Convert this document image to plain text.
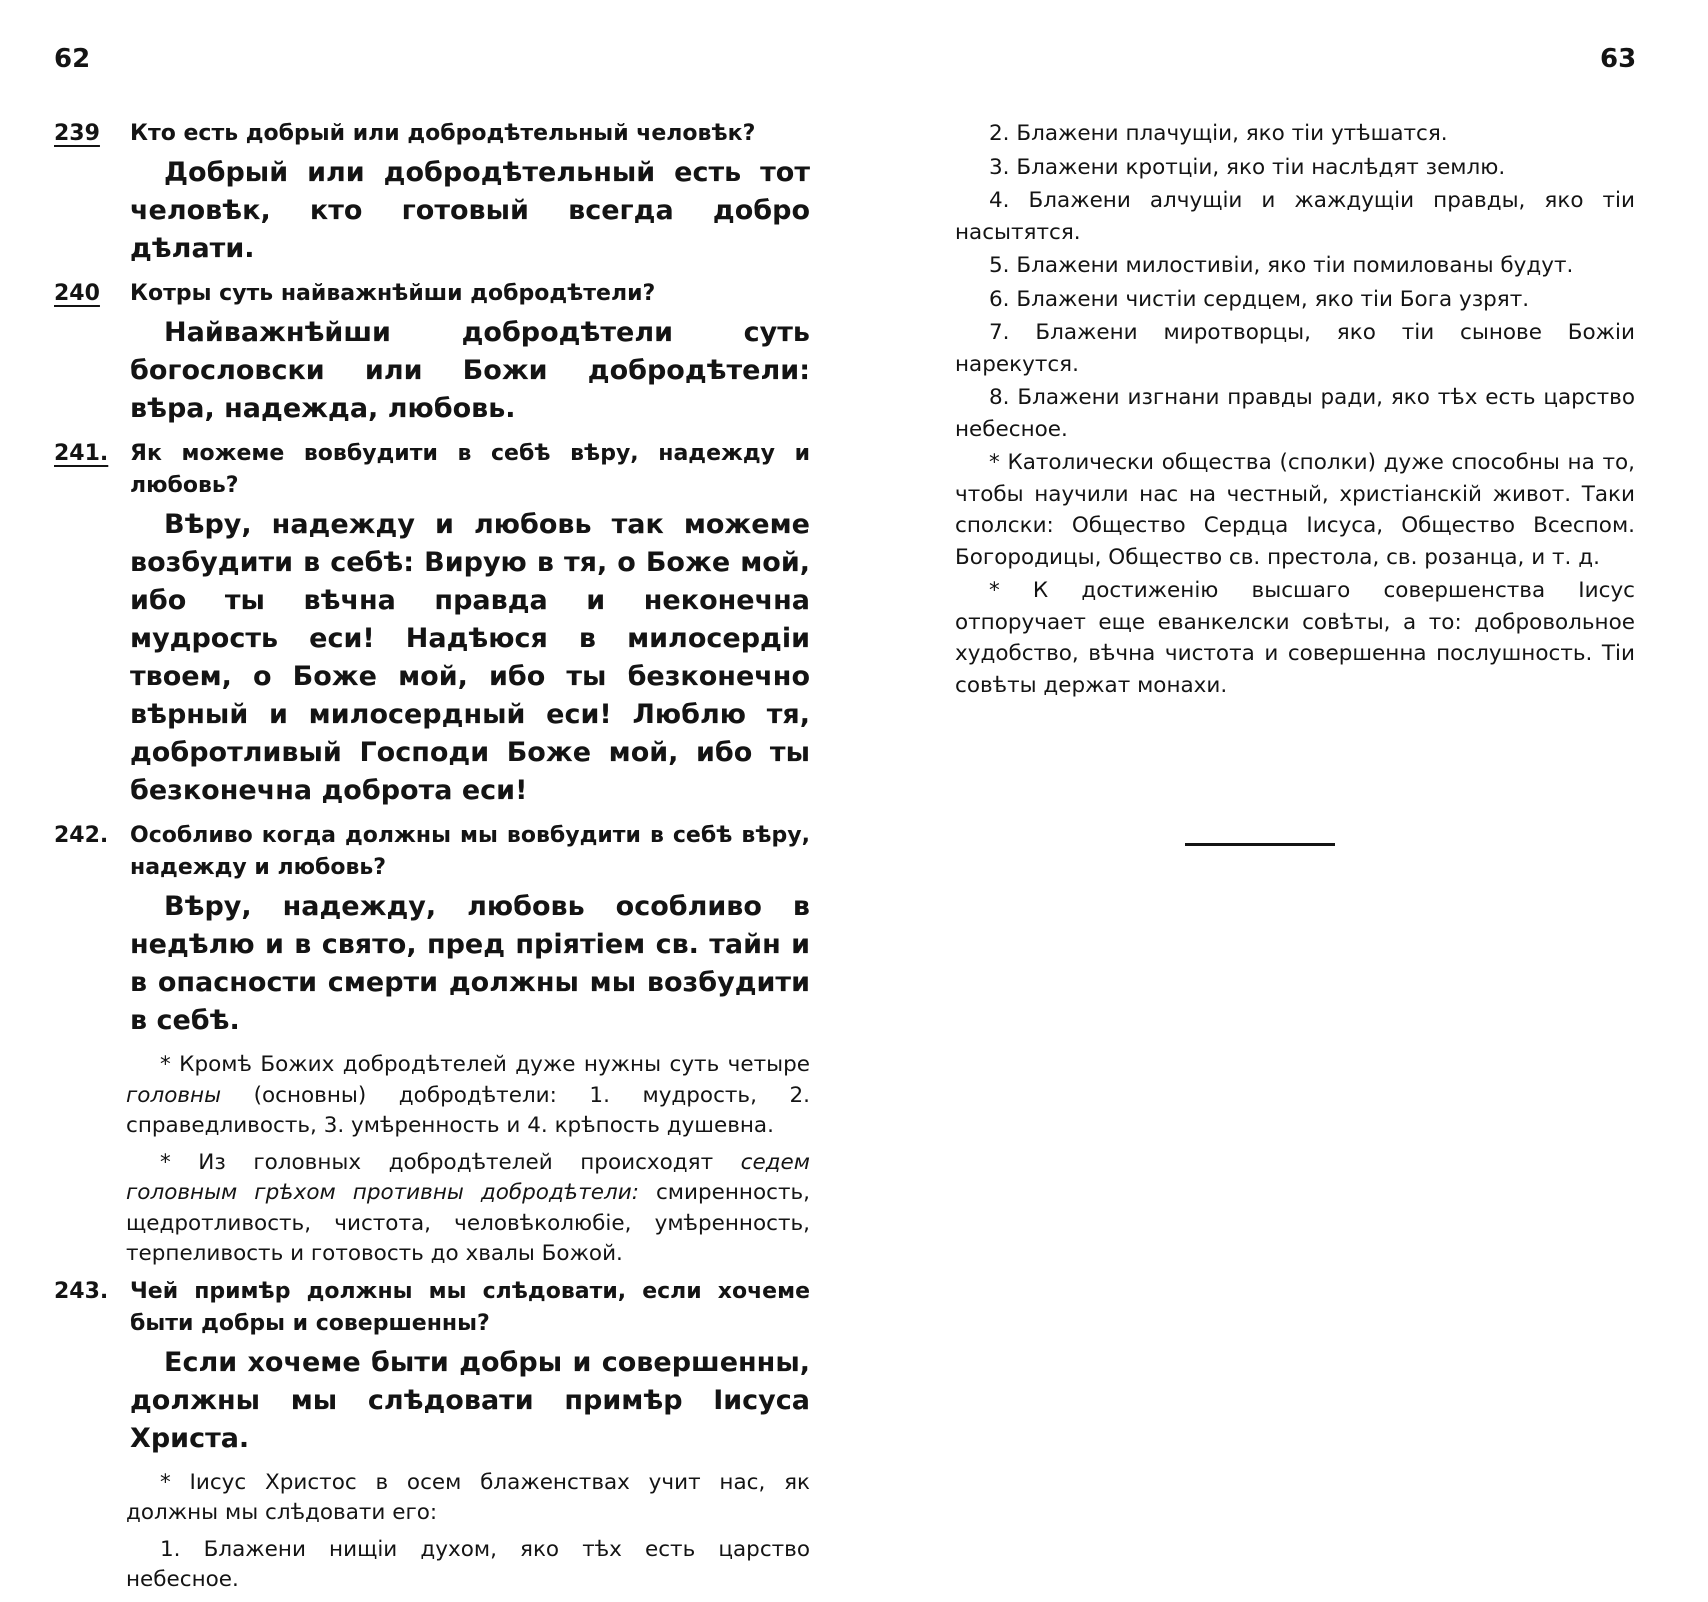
62	63

239 Кто есть добрый или добродѣтельный человѣк?

Добрый или добродѣтельный есть тот человѣк, кто готовый всегда добро дѣлати.

240 Котры суть найважнѣйши добродѣтели?

Найважнѣйши добродѣтели суть богословски или Божи добродѣтели: вѣра, надежда, любовь.

241. Як можеме вовбудити в себѣ вѣру, надежду и любовь?

Вѣру, надежду и любовь так можеме возбудити в себѣ: Вирую в тя, о Боже мой, ибо ты вѣчна правда и неконечна мудрость еси! Надѣюся в милосердіи твоем, о Боже мой, ибо ты безконечно вѣрный и милосердный еси! Люблю тя, добротливый Господи Боже мой, ибо ты безконечна доброта еси!

242. Особливо когда должны мы вовбудити в себѣ вѣру, надежду и любовь?

Вѣру, надежду, любовь особливо в недѣлю и в свято, пред пріятіем св. тайн и в опасности смерти должны мы возбудити в себѣ.

* Кромѣ Божих добродѣтелей дуже нужны суть четыре головны (основны) добродѣтели: 1. мудрость, 2. справедливость, 3. умѣренность и 4. крѣпость душевна.

* Из головных добродѣтелей происходят седем головным грѣхом противны добродѣтели: смиренность, щедротливость, чистота, человѣколюбіе, умѣренность, терпеливость и готовость до хвалы Божой.

243. Чей примѣр должны мы слѣдовати, если хочеме быти добры и совершенны?

Если хочеме быти добры и совершенны, должны мы слѣдовати примѣр Іисуса Христа.

* Іисус Христос в осем блаженствах учит нас, як должны мы слѣдовати его:

1. Блажени нищіи духом, яко тѣх есть царство небесное.

2. Блажени плачущіи, яко тіи утѣшатся.

3. Блажени кротціи, яко тіи наслѣдят землю.

4. Блажени алчущіи и жаждущіи правды, яко тіи насытятся.

5. Блажени милостивіи, яко тіи помилованы будут.

6. Блажени чистіи сердцем, яко тіи Бога узрят.

7. Блажени миротворцы, яко тіи сынове Божіи нарекутся.

8. Блажени изгнани правды ради, яко тѣх есть царство небесное.

* Католически общества (сполки) дуже способны на то, чтобы научили нас на честный, христіанскій живот. Таки сполски: Общество Сердца Іисуса, Общество Всеспом. Богородицы, Общество св. престола, св. розанца, и т. д.

* К достиженію высшаго совершенства Іисус отпоручает еще еванкелски совѣты, а то: добровольное худобство, вѣчна чистота и совершенна послушность. Тіи совѣты держат монахи.
